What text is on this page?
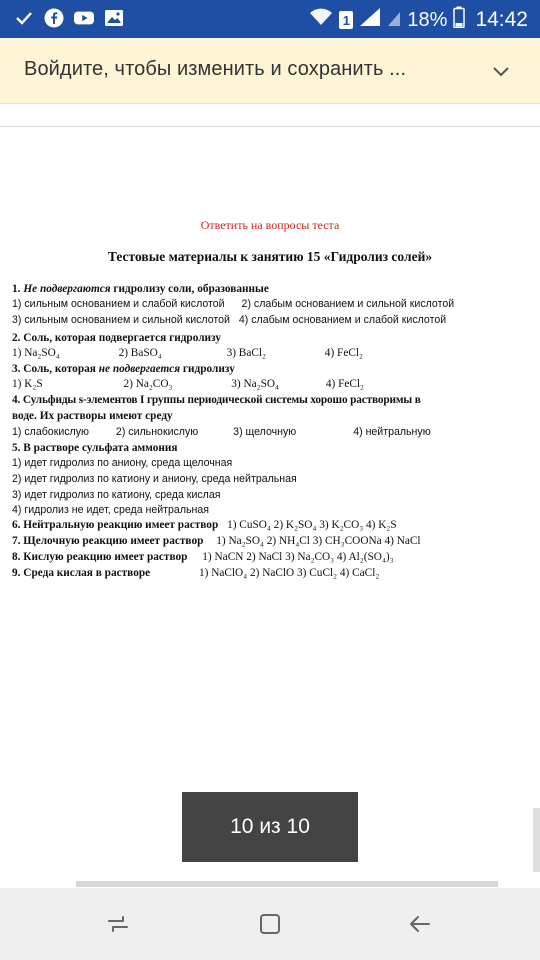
1	18% 14:42
Войдите, чтобы изменить и сохранить ...
Ответить на вопросы теста
Тестовые материалы к занятию 15 «Гидролиз солей»
1. Не подвергаются гидролизу соли, образованные
1) сильным основанием и слабой кислотой 2) слабым основанием и сильной кислотой
3) сильным основанием и сильной кислотой 4) слабым основанием и слабой кислотой
2. Соль, которая подвергается гидролизу
1) Na₂SO₄	2) BaSO₄	3) BaCl₂	4) FeCl₂
3. Соль, которая не подвергается гидролизу
1) K₂S	2) Na₂CO₃	3) Na₂SO₄	4) FeCl₂
4. Сульфиды s-элементов I группы периодической системы хорошо растворимы в
воде. Их растворы имеют среду
1) слабокислую	2) сильнокислую	3) щелочную	4) нейтральную
5. В растворе сульфата аммония
1) идет гидролиз по аниону, среда щелочная
2) идет гидролиз по катиону и аниону, среда нейтральная
3) идет гидролиз по катиону, среда кислая
4) гидролиз не идет, среда нейтральная
6. Нейтральную реакцию имеет раствор 1) CuSO₄ 2) K₂SO₄ 3) K₂CO₃ 4) K₂S
7. Щелочную реакцию имеет раствор 1) Na₂SO₄ 2) NH₄Cl 3) CH₃COONa 4) NaCl
8. Кислую реакцию имеет раствор 1) NaCN 2) NaCl 3) Na₂CO₃ 4) Al₂(SO₄)₃
9. Среда кислая в растворе	1) NaClO₄ 2) NaClO 3) CuCl₂ 4) CaCl₂
10 из 10
